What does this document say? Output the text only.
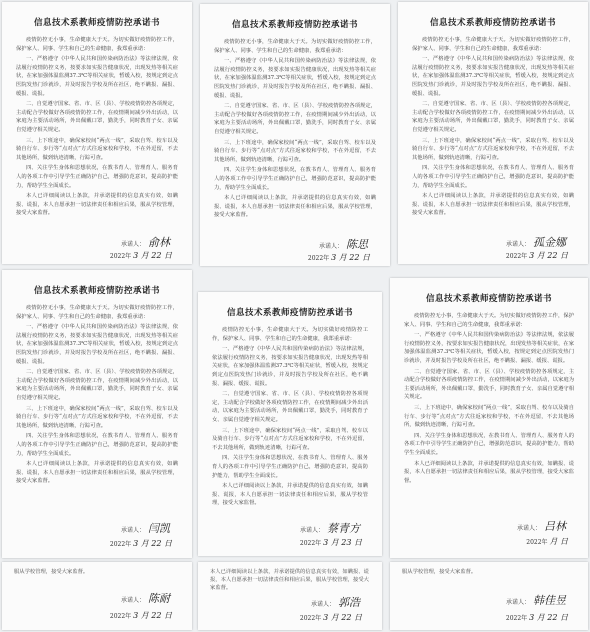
信息技术系教师疫情防控承诺书

疫情防控无小事，生命健康大于天。为切实做好疫情防控工作，保护家人、同事、学生和自己的生命健康，我郑重承诺：

一、严格遵守《中华人民共和国传染病防治法》等法律法规，依法履行疫情防控义务，按要求如实报告健康状况，出现发热等相关症状，在家加强体温监测37.3℃等相关症状，暂缓入校，按规定到定点医院发热门诊就诊，并及时报告学校及所在社区，绝不瞒报、漏报、缓报、谎报。

二、自觉遵守国家、省、市、区（县）、学校疫情防控各项规定，主动配合学校做好各项疫情防控工作，在疫情期间减少外出活动，以家庭为主要活动场所，外出佩戴口罩，勤洗手，同时教育子女、亲属自觉遵守相关规定。

三、上下班途中，确保家校间“两点一线”，采取自驾、校车以及骑自行车、步行等“点对点”方式往返家校和学校，不在外逗留，不去其他场所，做到轨迹清晰，行踪可查。

四、关注学生身体和思想状况，在教书育人、管理育人、服务育人的各项工作中引导学生正确防护自己，增强防范意识，提高防护能力，帮助学生全面成长。

本人已详细阅读以上条款，并承诺提供的信息真实有效，如瞒报、谎报，本人自愿承担一切法律责任和相应后果，服从学校管理，接受大家监督。

承诺人： 俞林
2022年 3 月 22 日
信息技术系教师疫情防控承诺书

疫情防控无小事，生命健康大于天。为切实做好疫情防控工作，保护家人、同事、学生和自己的生命健康，我郑重承诺：

一、严格遵守《中华人民共和国传染病防治法》等法律法规，依法履行疫情防控义务，按要求如实报告健康状况，出现发热等相关症状，在家加强体温监测37.3℃等相关症状，暂缓入校，按规定到定点医院发热门诊就诊，并及时报告学校及所在社区，绝不瞒报、漏报、缓报、谎报。

二、自觉遵守国家、省、市、区（县）、学校疫情防控各项规定，主动配合学校做好各项疫情防控工作，在疫情期间减少外出活动，以家庭为主要活动场所，外出佩戴口罩，勤洗手，同时教育子女、亲属自觉遵守相关规定。

三、上下班途中，确保家校间“两点一线”，采取自驾、校车以及骑自行车、步行等“点对点”方式往返家校和学校，不在外逗留，不去其他场所，做到轨迹清晰，行踪可查。

四、关注学生身体和思想状况，在教书育人、管理育人、服务育人的各项工作中引导学生正确防护自己，增强防范意识，提高防护能力，帮助学生全面成长。

本人已详细阅读以上条款，并承诺提供的信息真实有效，如瞒报、谎报，本人自愿承担一切法律责任和相应后果，服从学校管理，接受大家监督。

承诺人： 陈思
2022年 3 月 22 日
信息技术系教师疫情防控承诺书

疫情防控无小事，生命健康大于天。为切实做好疫情防控工作，保护家人、同事、学生和自己的生命健康，我郑重承诺：

一、严格遵守《中华人民共和国传染病防治法》等法律法规，依法履行疫情防控义务，按要求如实报告健康状况，出现发热等相关症状，在家加强体温监测37.3℃等相关症状，暂缓入校，按规定到定点医院发热门诊就诊，并及时报告学校及所在社区，绝不瞒报、漏报、缓报、谎报。

二、自觉遵守国家、省、市、区（县）、学校疫情防控各项规定，主动配合学校做好各项疫情防控工作，在疫情期间减少外出活动，以家庭为主要活动场所，外出佩戴口罩，勤洗手，同时教育子女、亲属自觉遵守相关规定。

三、上下班途中，确保家校间“两点一线”，采取自驾、校车以及骑自行车、步行等“点对点”方式往返家校和学校，不在外逗留，不去其他场所，做到轨迹清晰，行踪可查。

四、关注学生身体和思想状况，在教书育人、管理育人、服务育人的各项工作中引导学生正确防护自己，增强防范意识，提高防护能力，帮助学生全面成长。

本人已详细阅读以上条款，并承诺提供的信息真实有效，如瞒报、谎报，本人自愿承担一切法律责任和相应后果，服从学校管理，接受大家监督。

承诺人： 孤金娜
2022年 3 月 22 日
信息技术系教师疫情防控承诺书

疫情防控无小事，生命健康大于天。为切实做好疫情防控工作，保护家人、同事、学生和自己的生命健康，我郑重承诺：

一、严格遵守《中华人民共和国传染病防治法》等法律法规，依法履行疫情防控义务，按要求如实报告健康状况，出现发热等相关症状，在家加强体温监测37.3℃等相关症状，暂缓入校，按规定到定点医院发热门诊就诊，并及时报告学校及所在社区，绝不瞒报、漏报、缓报、谎报。

二、自觉遵守国家、省、市、区（县）、学校疫情防控各项规定，主动配合学校做好各项疫情防控工作，在疫情期间减少外出活动，以家庭为主要活动场所，外出佩戴口罩，勤洗手，同时教育子女、亲属自觉遵守相关规定。

三、上下班途中，确保家校间“两点一线”，采取自驾、校车以及骑自行车、步行等“点对点”方式往返家校和学校，不在外逗留，不去其他场所，做到轨迹清晰，行踪可查。

四、关注学生身体和思想状况，在教书育人、管理育人、服务育人的各项工作中引导学生正确防护自己，增强防范意识，提高防护能力，帮助学生全面成长。

本人已详细阅读以上条款，并承诺提供的信息真实有效，如瞒报、谎报，本人自愿承担一切法律责任和相应后果，服从学校管理，接受大家监督。

承诺人： 闫凯
2022年 3 月 22 日
信息技术系教师疫情防控承诺书

疫情防控无小事，生命健康大于天。为切实做好疫情防控工作，保护家人、同事、学生和自己的生命健康，我郑重承诺：

一、严格遵守《中华人民共和国传染病防治法》等法律法规，依法履行疫情防控义务，按要求如实报告健康状况，出现发热等相关症状，在家加强体温监测37.3℃等相关症状，暂缓入校，按规定到定点医院发热门诊就诊，并及时报告学校及所在社区，绝不瞒报、漏报、缓报、谎报。

二、自觉遵守国家、省、市、区（县）、学校疫情防控各项规定，主动配合学校做好各项疫情防控工作，在疫情期间减少外出活动，以家庭为主要活动场所，外出佩戴口罩，勤洗手，同时教育子女、亲属自觉遵守相关规定。

三、上下班途中，确保家校间“两点一线”，采取自驾、校车以及骑自行车、步行等“点对点”方式往返家校和学校，不在外逗留，不去其他场所，做到轨迹清晰，行踪可查。

四、关注学生身体和思想状况，在教书育人、管理育人、服务育人的各项工作中引导学生正确防护自己，增强防范意识，提高防护能力，帮助学生全面成长。

本人已详细阅读以上条款，并承诺提供的信息真实有效，如瞒报、谎报，本人自愿承担一切法律责任和相应后果，服从学校管理，接受大家监督。

承诺人： 蔡青方
2022年 3 月 23 日
信息技术系教师疫情防控承诺书

疫情防控无小事，生命健康大于天。为切实做好疫情防控工作，保护家人、同事、学生和自己的生命健康，我郑重承诺：

一、严格遵守《中华人民共和国传染病防治法》等法律法规，依法履行疫情防控义务，按要求如实报告健康状况，出现发热等相关症状，在家加强体温监测37.3℃等相关症状，暂缓入校，按规定到定点医院发热门诊就诊，并及时报告学校及所在社区，绝不瞒报、漏报、缓报、谎报。

二、自觉遵守国家、省、市、区（县）、学校疫情防控各项规定，主动配合学校做好各项疫情防控工作，在疫情期间减少外出活动，以家庭为主要活动场所，外出佩戴口罩，勤洗手，同时教育子女、亲属自觉遵守相关规定。

三、上下班途中，确保家校间“两点一线”，采取自驾、校车以及骑自行车、步行等“点对点”方式往返家校和学校，不在外逗留，不去其他场所，做到轨迹清晰，行踪可查。

四、关注学生身体和思想状况，在教书育人、管理育人、服务育人的各项工作中引导学生正确防护自己，增强防范意识，提高防护能力，帮助学生全面成长。

本人已详细阅读以上条款，并承诺提供的信息真实有效，如瞒报、谎报，本人自愿承担一切法律责任和相应后果，服从学校管理，接受大家监督。

承诺人： 吕林
2022年 月 日

服从学校管理，接受大家监督。

承诺人： 陈耐
2022年 3 月 22 日

本人已详细阅读以上条款，并承诺提供的信息真实有效，如瞒报、谎报，本人自愿承担一切法律责任和相应后果，服从学校管理，接受大家监督。

承诺人： 郭浩
2022年 3 月 22 日

服从学校管理，接受大家监督。

承诺人： 韩佳昱
2022年 3 月 22 日
